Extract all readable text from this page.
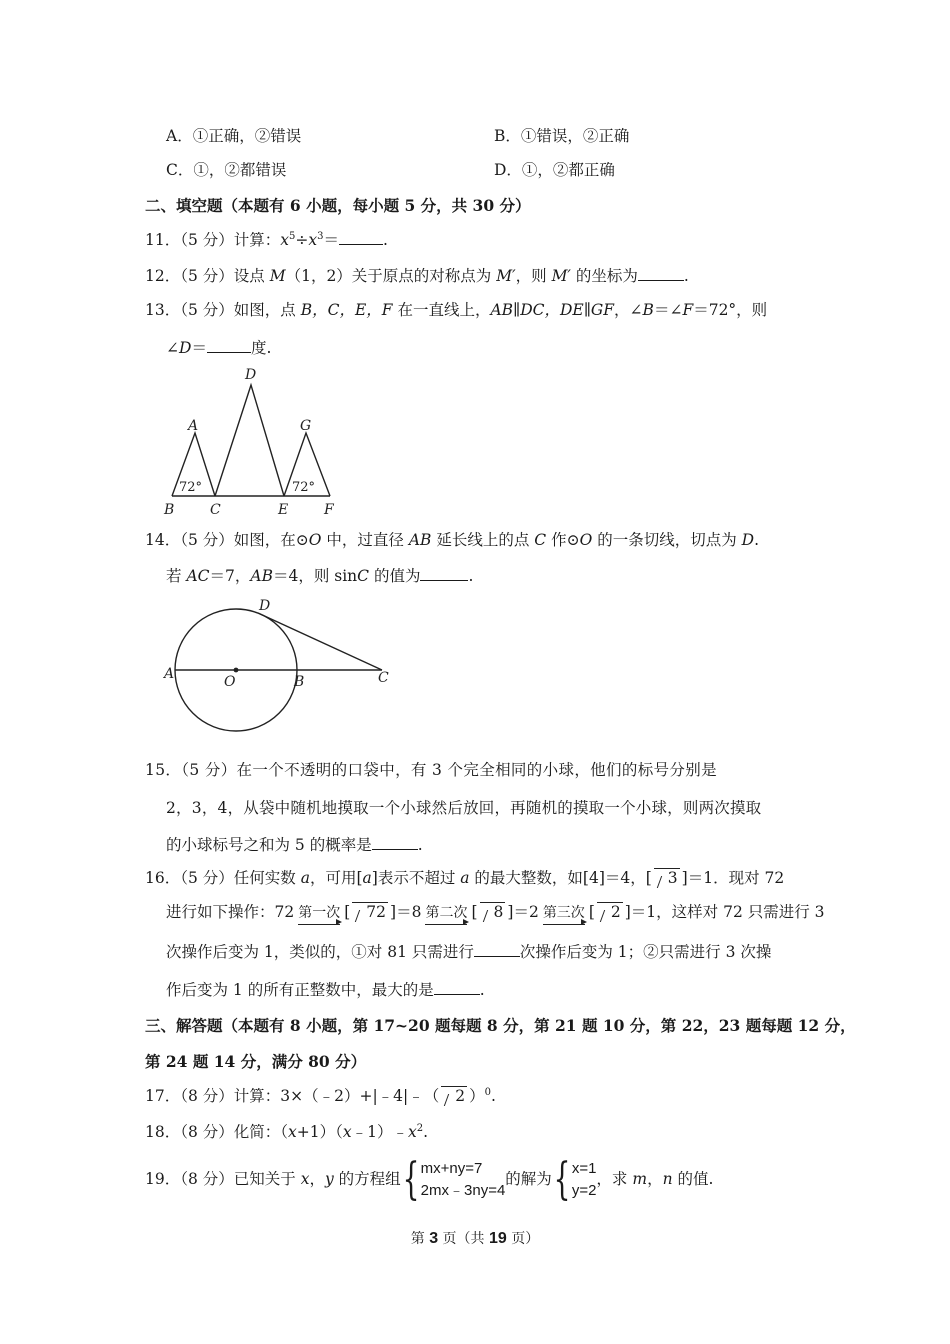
A．①正确，②错误	B．①错误，②正确
C．①，②都错误	D．①，②都正确
二、填空题（本题有 6 小题，每小题 5 分，共 30 分）
11．（5 分）计算：$x^5\div x^3=$	.
12．（5 分）设点 M（1，2）关于原点的对称点为 M′，则 M′ 的坐标为	.
13．（5 分）如图，点 B，C，E，F 在一直线上，AB∥DC，DE∥GF，∠B＝∠F＝72°，则
∠D＝	度.
D
A	G
B	C	E	F
72°	72°
14．（5 分）如图，在⊙O 中，过直径 AB 延长线上的点 C 作⊙O 的一条切线，切点为 D.
若 AC＝7，AB＝4，则 sinC 的值为	.
D
A	O	B	C
15．（5 分）在一个不透明的口袋中，有 3 个完全相同的小球，他们的标号分别是
2，3，4，从袋中随机地摸取一个小球然后放回，再随机的摸取一个小球，则两次摸取
的小球标号之和为 5 的概率是	.
16．（5 分）任何实数 a，可用[a]表示不超过 a 的最大整数，如[4]＝4，[ 3 ]＝1．现对 72
进行如下操作：72 第一次 [ 72 ]＝8 第二次 [ 8 ]＝2 第三次 [ 2 ]＝1，这样对 72 只需进行 3
次操作后变为 1，类似的，①对 81 只需进行	次操作后变为 1；②只需进行 3 次操
作后变为 1 的所有正整数中，最大的是	.
三、解答题（本题有 8 小题，第 17~20 题每题 8 分，第 21 题 10 分，第 22，23 题每题 12 分，
第 24 题 14 分，满分 80 分）
17．（8 分）计算：3×（﹣2）+|﹣4|﹣（ 2 ）$^0$.
18．（8 分）化简：$(x+1)(x﹣1)﹣x^2$.
19．（8 分）已知关于 x，y 的方程组{ mx+ny=7
2mx﹣3ny=4
的解为{ x=1
y=2
，求 m，n 的值.
第 3 页（共 19 页）
